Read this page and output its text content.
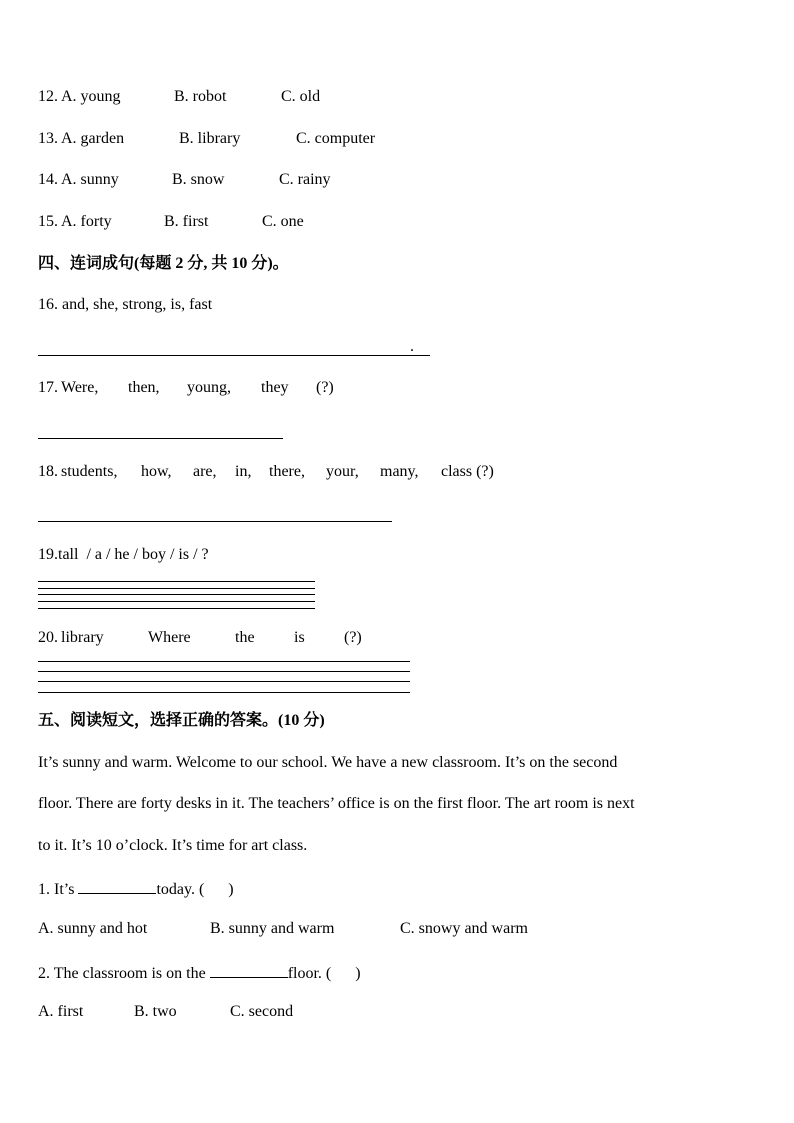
12. A. young	B. robot	C. old
13. A. garden	B. library	C. computer
14. A. sunny	B. snow	C. rainy
15. A. forty	B. first	C. one
四、连词成句(每题 2 分, 共 10 分)。
16. and, she, strong, is, fast
.
17. Were, then, young, they (?)
18. students, how, are, in, there, your, many, class (?)
19.tall  / a / he / boy / is / ?
20. library	Where	the is (?)
五、阅读短文，选择正确的答案。(10 分)
It’s sunny and warm. Welcome to our school. We have a new classroom. It’s on the second
floor. There are forty desks in it. The teachers’ office is on the first floor. The art room is next
to it. It’s 10 o’clock. It’s time for art class.
1. It’s	today. (      )
A. sunny and hot	B. sunny and warm	C. snowy and warm
2. The classroom is on the	floor. (      )
A. first	B. two	C. second
